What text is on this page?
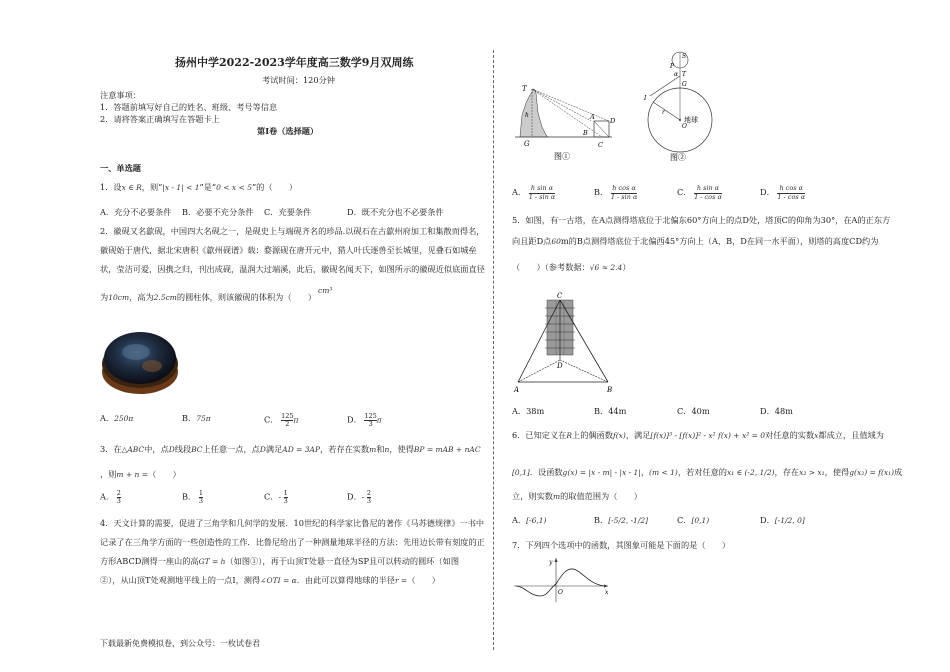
扬州中学2022-2023学年度高三数学9月双周练
考试时间：120分钟
注意事项：
1．答题前填写好自己的姓名、班级、考号等信息
2．请将答案正确填写在答题卡上
第I卷（选择题）
一、单选题
1．设x ∈ R，则“|x - 1| < 1”是“0 < x < 5”的（　　）
A．充分不必要条件 B．必要不充分条件 C．充要条件	D．既不充分也不必要条件
2．徽砚又名歙砚，中国四大名砚之一，是砚史上与端砚齐名的珍品.以砚石在古歙州府加工和集散而得名，
徽砚始于唐代，据北宋唐积《歙州砚谱》载：婺源砚在唐开元中，猎人叶氏逐兽至长城里，见叠石如城垒
状，莹洁可爱，因携之归，刊出成砚，温润大过端溪，此后，徽砚名闻天下，如图所示的徽砚近似底面直径
为10cm，高为2.5cm的圆柱体，则该徽砚的体积为（　　）
cm³
A．250π	B．75π	C． $\frac{125}{2}$ π	D． $\frac{125}{3}$ π
3．在△ABC中，点D线段BC上任意一点，点D满足AD = 3AP，若存在实数m和n，使得BP = mAB + nAC
，则m + n =（　　）
A． $\frac{2}{3}$	B． $\frac{1}{3}$	C．- $\frac{1}{3}$	D．- $\frac{2}{3}$
4．天文计算的需要，促进了三角学和几何学的发展．10世纪的科学家比鲁尼的著作《马苏德规律》一书中
记录了在三角学方面的一些创造性的工作．比鲁尼给出了一种测量地球半径的方法：先用边长带有刻度的正
方形ABCD测得一座山的高GT = h（如图①），再于山顶T处悬一直径为SP且可以转动的圆环（如图
②），从山顶T处观测地平线上的一点I，测得∠OTI = α．由此可以算得地球的半径r =（　　）
T
G
h	A
B
C
D
图①
S
P
α T
G
I
r
O
地球
图②
A． $\frac{\text{h sin α}}{\text{1 - sin α}}$	B． $\frac{\text{h cos α}}{\text{1 - sin α}}$	C． $\frac{\text{h sin α}}{\text{1 - cos α}}$	D． $\frac{\text{h cos α}}{\text{1 - cos α}}$
5．如图，有一古塔，在A点测得塔底位于北偏东60°方向上的点D处，塔顶C的仰角为30°，在A的正东方
向且距D点60m的B点测得塔底位于北偏西45°方向上（A，B，D在同一水平面），则塔的高度CD约为
（　　）（参考数据：√6 ≈ 2.4）
C
D
A	B
A．38m	B．44m	C．40m	D．48m
6．已知定义在R上的偶函数f(x)，满足[f(x)]³ - [f(x)]² - x² f(x) + x² = 0对任意的实数x都成立，且值域为
[0,1]．设函数g(x) = |x - m| - |x - 1|，(m < 1)，若对任意的x₁ ∈ (-2, 1/2)，存在x₂ > x₁，使得g(x₂) = f(x₁)成
立，则实数m的取值范围为（　　）
A．[-6,1)	B．[-5/2, -1/2]	C．[0,1)	D．[-1/2, 0]
7．下列四个选项中的函数，其图象可能是下面的是（　　）
x
y
O
下载最新免费模拟卷，到公众号：一枚试卷君
